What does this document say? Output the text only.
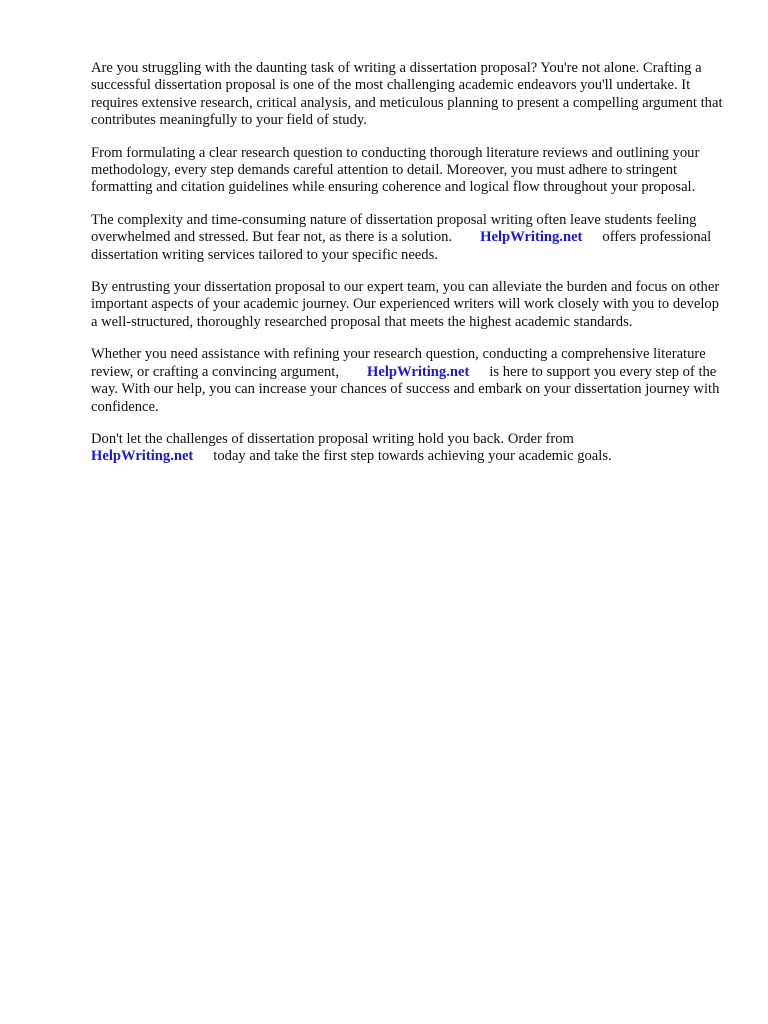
Are you struggling with the daunting task of writing a dissertation proposal? You're not alone. Crafting a successful dissertation proposal is one of the most challenging academic endeavors you'll undertake. It requires extensive research, critical analysis, and meticulous planning to present a compelling argument that contributes meaningfully to your field of study.

From formulating a clear research question to conducting thorough literature reviews and outlining your methodology, every step demands careful attention to detail. Moreover, you must adhere to stringent formatting and citation guidelines while ensuring coherence and logical flow throughout your proposal.

The complexity and time-consuming nature of dissertation proposal writing often leave students feeling overwhelmed and stressed. But fear not, as there is a solution. HelpWriting.net offers professional dissertation writing services tailored to your specific needs.

By entrusting your dissertation proposal to our expert team, you can alleviate the burden and focus on other important aspects of your academic journey. Our experienced writers will work closely with you to develop a well-structured, thoroughly researched proposal that meets the highest academic standards.

Whether you need assistance with refining your research question, conducting a comprehensive literature review, or crafting a convincing argument, HelpWriting.net is here to support you every step of the way. With our help, you can increase your chances of success and embark on your dissertation journey with confidence.

Don't let the challenges of dissertation proposal writing hold you back. Order from HelpWriting.net today and take the first step towards achieving your academic goals.
